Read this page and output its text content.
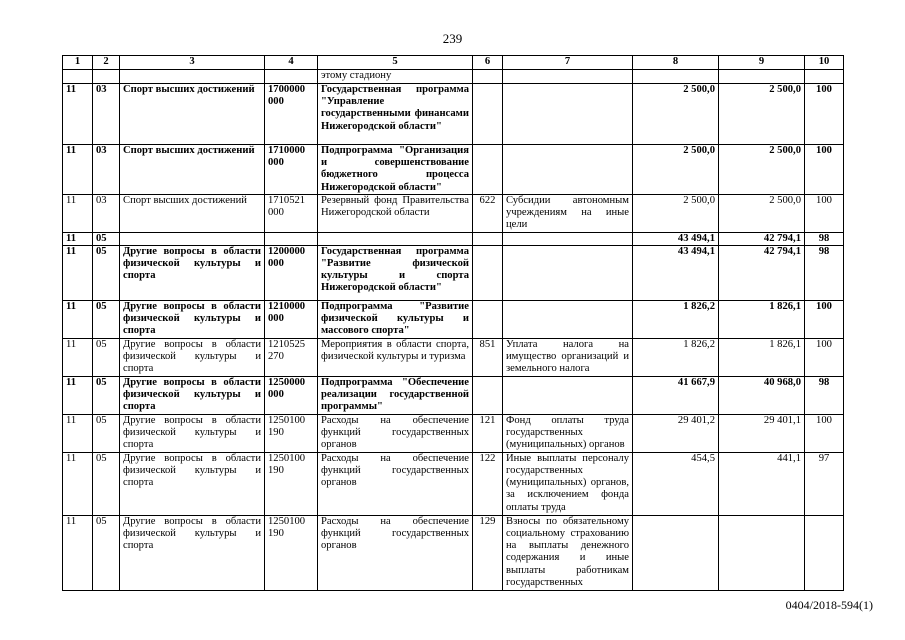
239
1	2	3	4	5	6	7	8	9	10
				этому стадиону					
11	03	Спорт высших достижений	1700000 000	Государственная программа "Управление государственными финансами Нижегородской области"			2 500,0	2 500,0	100
11	03	Спорт высших достижений	1710000 000	Подпрограмма "Организация и совершенствование бюджетного процесса Нижегородской области"			2 500,0	2 500,0	100
11	03	Спорт высших достижений	1710521 000	Резервный фонд Правительства Нижегородской области	622	Субсидии автономным учреждениям на иные цели	2 500,0	2 500,0	100
11	05						43 494,1	42 794,1	98
11	05	Другие вопросы в области физической культуры и спорта	1200000 000	Государственная программа "Развитие физической культуры и спорта Нижегородской области"			43 494,1	42 794,1	98
11	05	Другие вопросы в области физической культуры и спорта	1210000 000	Подпрограмма "Развитие физической культуры и массового спорта"			1 826,2	1 826,1	100
11	05	Другие вопросы в области физической культуры и спорта	1210525 270	Мероприятия в области спорта, физической культуры и туризма	851	Уплата налога на имущество организаций и земельного налога	1 826,2	1 826,1	100
11	05	Другие вопросы в области физической культуры и спорта	1250000 000	Подпрограмма "Обеспечение реализации государственной программы"			41 667,9	40 968,0	98
11	05	Другие вопросы в области физической культуры и спорта	1250100 190	Расходы на обеспечение функций государственных органов	121	Фонд оплаты труда государственных (муниципальных) органов	29 401,2	29 401,1	100
11	05	Другие вопросы в области физической культуры и спорта	1250100 190	Расходы на обеспечение функций государственных органов	122	Иные выплаты персоналу государственных (муниципальных) органов, за исключением фонда оплаты труда	454,5	441,1	97
11	05	Другие вопросы в области физической культуры и спорта	1250100 190	Расходы на обеспечение функций государственных органов	129	Взносы по обязательному социальному страхованию на выплаты денежного содержания и иные выплаты работникам государственных			
0404/2018-594(1)
